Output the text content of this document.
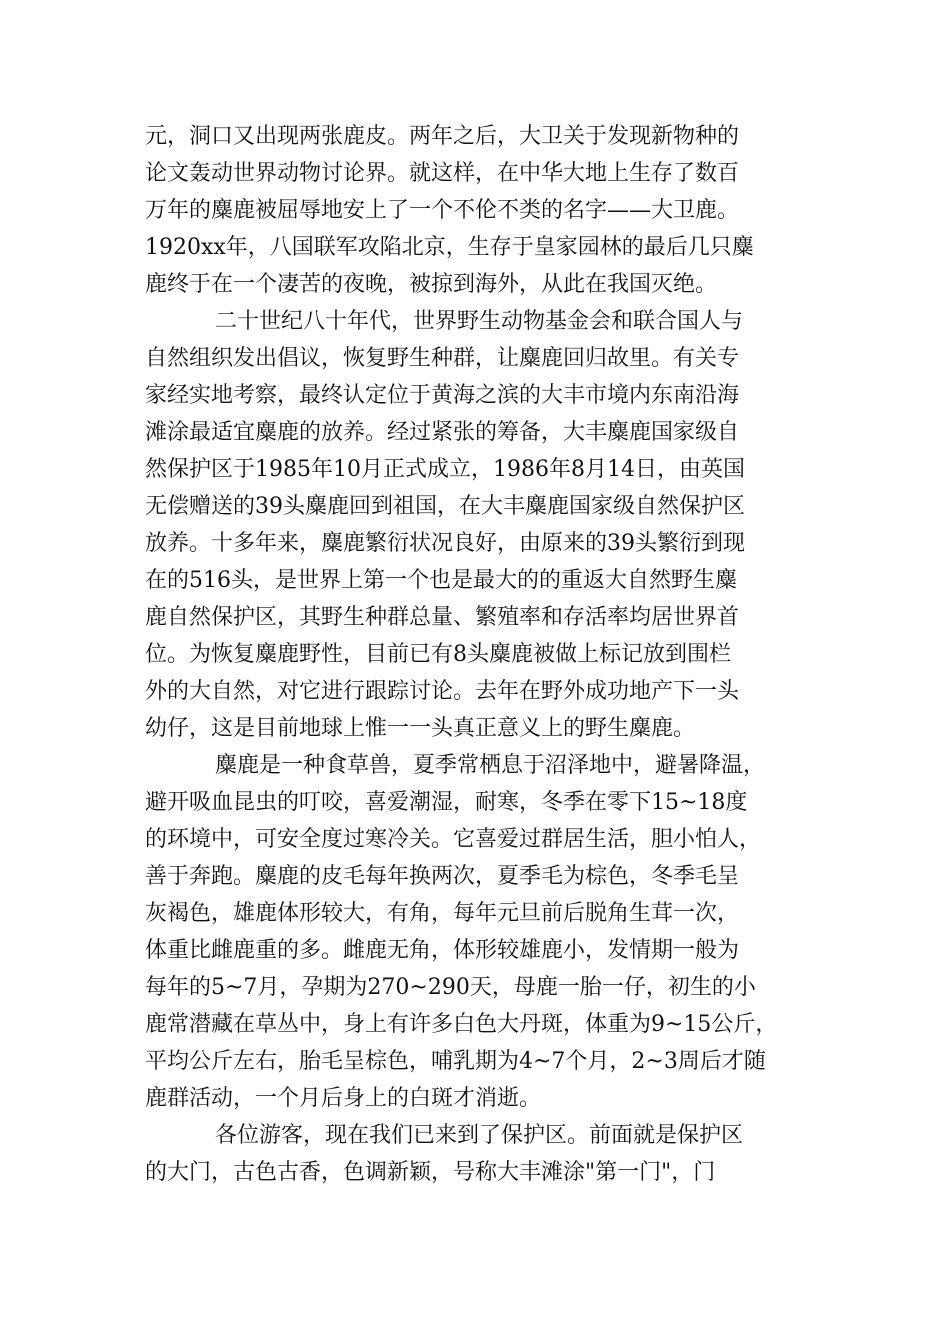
元，洞口又出现两张鹿皮。两年之后，大卫关于发现新物种的
论文轰动世界动物讨论界。就这样，在中华大地上生存了数百
万年的麋鹿被屈辱地安上了一个不伦不类的名字——大卫鹿。
1920xx年，八国联军攻陷北京，生存于皇家园林的最后几只麋
鹿终于在一个凄苦的夜晚，被掠到海外，从此在我国灭绝。
二十世纪八十年代，世界野生动物基金会和联合国人与
自然组织发出倡议，恢复野生种群，让麋鹿回归故里。有关专
家经实地考察，最终认定位于黄海之滨的大丰市境内东南沿海
滩涂最适宜麋鹿的放养。经过紧张的筹备，大丰麋鹿国家级自
然保护区于1985年10月正式成立，1986年8月14日，由英国
无偿赠送的39头麋鹿回到祖国，在大丰麋鹿国家级自然保护区
放养。十多年来，麋鹿繁衍状况良好，由原来的39头繁衍到现
在的516头，是世界上第一个也是最大的的重返大自然野生麋
鹿自然保护区，其野生种群总量、繁殖率和存活率均居世界首
位。为恢复麋鹿野性，目前已有8头麋鹿被做上标记放到围栏
外的大自然，对它进行跟踪讨论。去年在野外成功地产下一头
幼仔，这是目前地球上惟一一头真正意义上的野生麋鹿。
麋鹿是一种食草兽，夏季常栖息于沼泽地中，避暑降温，
避开吸血昆虫的叮咬，喜爱潮湿，耐寒，冬季在零下15~18度
的环境中，可安全度过寒冷关。它喜爱过群居生活，胆小怕人，
善于奔跑。麋鹿的皮毛每年换两次，夏季毛为棕色，冬季毛呈
灰褐色，雄鹿体形较大，有角，每年元旦前后脱角生茸一次，
体重比雌鹿重的多。雌鹿无角，体形较雄鹿小，发情期一般为
每年的5~7月，孕期为270~290天，母鹿一胎一仔，初生的小
鹿常潜藏在草丛中，身上有许多白色大丹斑，体重为9~15公斤，
平均公斤左右，胎毛呈棕色，哺乳期为4~7个月，2~3周后才随
鹿群活动，一个月后身上的白斑才消逝。
各位游客，现在我们已来到了保护区。前面就是保护区
的大门，古色古香，色调新颖，号称大丰滩涂"第一门"，门
